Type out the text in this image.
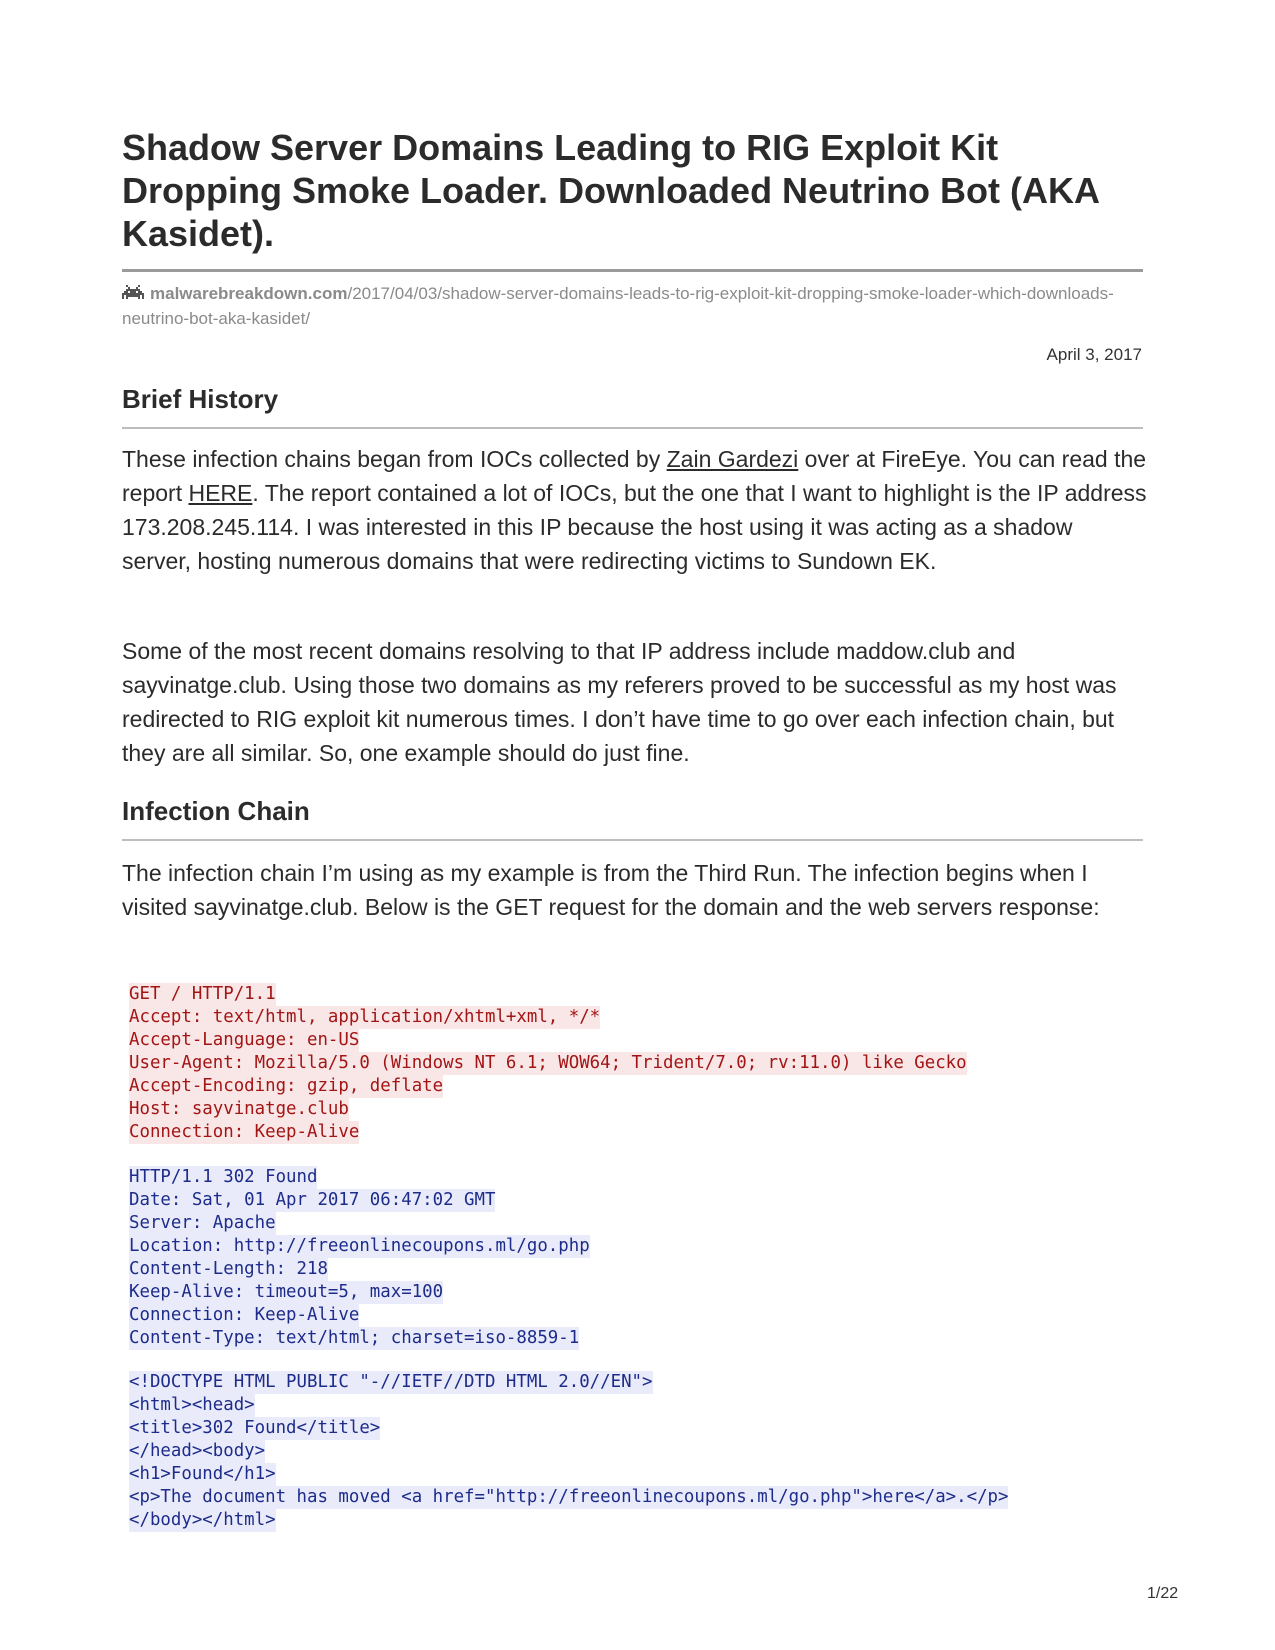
Shadow Server Domains Leading to RIG Exploit Kit Dropping Smoke Loader. Downloaded Neutrino Bot (AKA Kasidet).
malwarebreakdown.com/2017/04/03/shadow-server-domains-leads-to-rig-exploit-kit-dropping-smoke-loader-which-downloads-neutrino-bot-aka-kasidet/
April 3, 2017
Brief History

These infection chains began from IOCs collected by Zain Gardezi over at FireEye. You can read the report HERE. The report contained a lot of IOCs, but the one that I want to highlight is the IP address 173.208.245.114. I was interested in this IP because the host using it was acting as a shadow server, hosting numerous domains that were redirecting victims to Sundown EK.

Some of the most recent domains resolving to that IP address include maddow.club and sayvinatge.club. Using those two domains as my referers proved to be successful as my host was redirected to RIG exploit kit numerous times. I don’t have time to go over each infection chain, but they are all similar. So, one example should do just fine.

Infection Chain

The infection chain I’m using as my example is from the Third Run. The infection begins when I visited sayvinatge.club. Below is the GET request for the domain and the web servers response:

GET / HTTP/1.1
Accept: text/html, application/xhtml+xml, */*
Accept-Language: en-US
User-Agent: Mozilla/5.0 (Windows NT 6.1; WOW64; Trident/7.0; rv:11.0) like Gecko
Accept-Encoding: gzip, deflate
Host: sayvinatge.club
Connection: Keep-Alive
HTTP/1.1 302 Found
Date: Sat, 01 Apr 2017 06:47:02 GMT
Server: Apache
Location: http://freeonlinecoupons.ml/go.php
Content-Length: 218
Keep-Alive: timeout=5, max=100
Connection: Keep-Alive
Content-Type: text/html; charset=iso-8859-1
<!DOCTYPE HTML PUBLIC "-//IETF//DTD HTML 2.0//EN">
<html><head>
<title>302 Found</title>
</head><body>
<h1>Found</h1>
<p>The document has moved <a href="http://freeonlinecoupons.ml/go.php">here</a>.</p>
</body></html>
1/22
